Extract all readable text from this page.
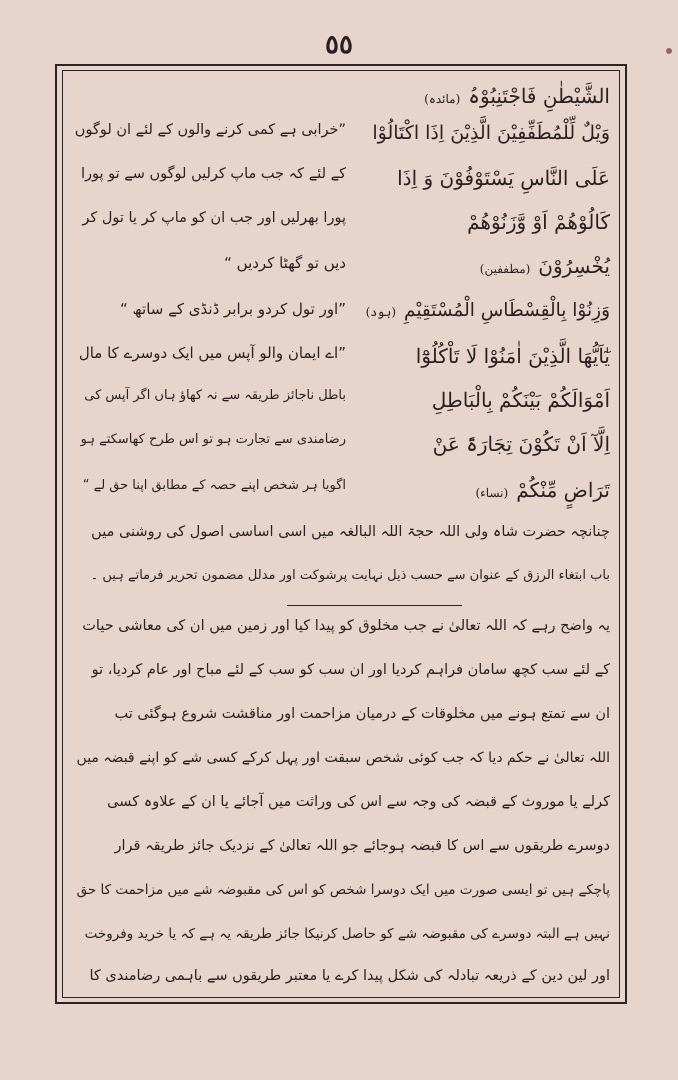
٥٥
الشَّیْطٰنِ فَاجْتَنِبُوْہُ(مائدہ)
وَیْلٌ لِّلْمُطَفِّفِیْنَ الَّذِیْنَ اِذَا اکْتَالُوْا
”خرابی ہے کمی کرنے والوں کے لئے ان لوگوں
عَلَی النَّاسِ یَسْتَوْفُوْنَ وَ اِذَا
کے لئے کہ جب ماپ کرلیں لوگوں سے تو پورا
کَالُوْھُمْ اَوْ وَّزَنُوْھُمْ
پورا بھرلیں اور جب ان کو ماپ کر یا تول کر
یُخْسِرُوْنَ(مطففین)
دیں تو گھٹا کردیں “
وَزِنُوْا بِالْقِسْطَاسِ الْمُسْتَقِیْمِ(ہود)
”اور تول کردو برابر ڈنڈی کے ساتھ “
یٰٓاَیُّھَا الَّذِیْنَ اٰمَنُوْا لَا تَاْکُلُوْٓا
”اے ایمان والو آپس میں ایک دوسرے کا مال
اَمْوَالَکُمْ بَیْنَکُمْ بِالْبَاطِلِ
باطل ناجائز طریقہ سے نہ کھاؤ ہاں اگر آپس کی
اِلَّآ اَنْ تَکُوْنَ تِجَارَۃً عَنْ
رضامندی سے تجارت ہو تو اس طرح کھاسکتے ہو
تَرَاضٍ مِّنْکُمْ(نساء)
اگویا ہر شخص اپنے حصہ کے مطابق اپنا حق لے “
چنانچہ حضرت شاہ ولی اللہ حجۃ اللہ البالغہ میں اسی اساسی اصول کی روشنی میں
باب ابتغاء الرزق کے عنوان سے حسب ذیل نہایت پرشوکت اور مدلل مضمون تحریر فرماتے ہیں ۔
یہ واضح رہے کہ اللہ تعالیٰ نے جب مخلوق کو پیدا کیا اور زمین میں ان کی معاشی حیات
کے لئے سب کچھ سامان فراہم کردیا اور ان سب کو سب کے لئے مباح اور عام کردیا، تو
ان سے تمتع ہونے میں مخلوقات کے درمیان مزاحمت اور مناقشت شروع ہوگئی تب
اللہ تعالیٰ نے حکم دیا کہ جب کوئی شخص سبقت اور پہل کرکے کسی شے کو اپنے قبضہ میں
کرلے یا موروث کے قبضہ کی وجہ سے اس کی وراثت میں آجائے یا ان کے علاوہ کسی
دوسرے طریقوں سے اس کا قبضہ ہوجائے جو اللہ تعالیٰ کے نزدیک جائز طریقہ قرار
پاچکے ہیں تو ایسی صورت میں ایک دوسرا شخص کو اس کی مقبوضہ شے میں مزاحمت کا حق
نہیں ہے البتہ دوسرے کی مقبوضہ شے کو حاصل کرنیکا جائز طریقہ یہ ہے کہ یا خرید وفروخت
اور لین دین کے ذریعہ تبادلہ کی شکل پیدا کرے یا معتبر طریقوں سے باہمی رضامندی کا
